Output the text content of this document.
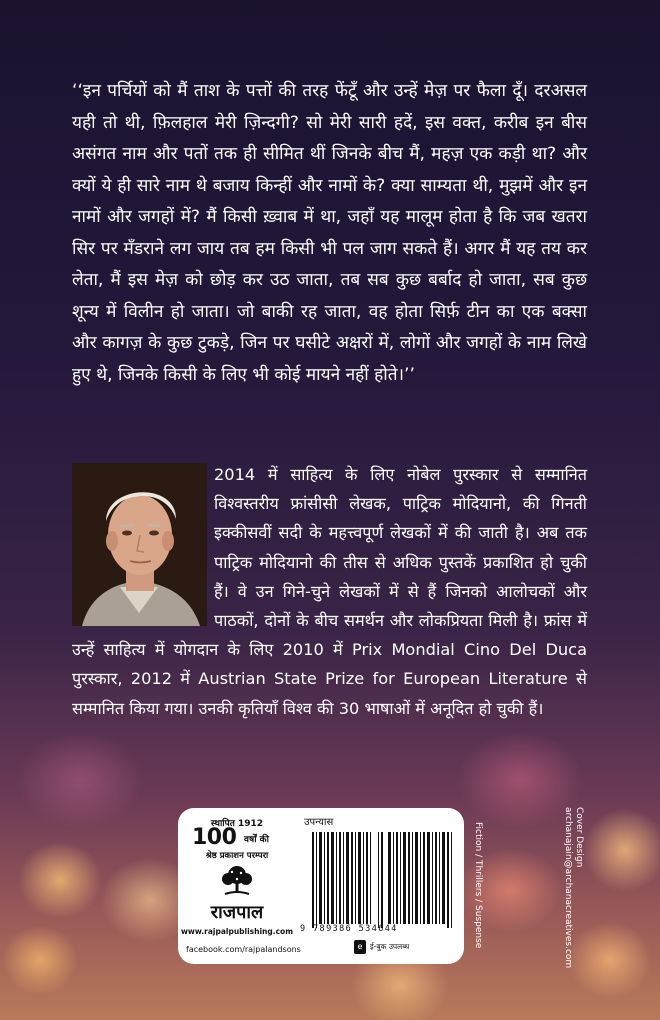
‘‘इन पर्चियों को मैं ताश के पत्तों की तरह फेंटूँ और उन्हें मेज़ पर फैला दूँ। दरअसल यही तो थी, फ़िलहाल मेरी ज़िन्दगी? सो मेरी सारी हदें, इस वक्त, करीब इन बीस असंगत नाम और पतों तक ही सीमित थीं जिनके बीच मैं, महज़ एक कड़ी था? और क्यों ये ही सारे नाम थे बजाय किन्हीं और नामों के? क्या साम्यता थी, मुझमें और इन नामों और जगहों में? मैं किसी ख़्वाब में था, जहाँ यह मालूम होता है कि जब खतरा सिर पर मँडराने लग जाय तब हम किसी भी पल जाग सकते हैं। अगर मैं यह तय कर लेता, मैं इस मेज़ को छोड़ कर उठ जाता, तब सब कुछ बर्बाद हो जाता, सब कुछ शून्य में विलीन हो जाता। जो बाकी रह जाता, वह होता सिर्फ़ टीन का एक बक्सा और कागज़ के कुछ टुकड़े, जिन पर घसीटे अक्षरों में, लोगों और जगहों के नाम लिखे हुए थे, जिनके किसी के लिए भी कोई मायने नहीं होते।’’

2014 में साहित्य के लिए नोबेल पुरस्कार से सम्मानित विश्वस्तरीय फ्रांसीसी लेखक, पाट्रिक मोदियानो, की गिनती इक्कीसवीं सदी के महत्त्वपूर्ण लेखकों में की जाती है। अब तक पाट्रिक मोदियानो की तीस से अधिक पुस्तकें प्रकाशित हो चुकी हैं। वे उन गिने-चुने लेखकों में से हैं जिनको आलोचकों और पाठकों, दोनों के बीच समर्थन और लोकप्रियता मिली है। फ्रांस में उन्हें साहित्य में योगदान के लिए 2010 में Prix Mondial Cino Del Duca पुरस्कार, 2012 में Austrian State Prize for European Literature से सम्मानित किया गया। उनकी कृतियाँ विश्व की 30 भाषाओं में अनूदित हो चुकी हैं।

Cover Design
archanajain@archanacreatives.com
Fiction / Thrillers / Suspense
स्थापित 1912
100 वर्षों की
श्रेष्ठ प्रकाशन परम्परा
राजपाल
www.rajpalpublishing.com
facebook.com/rajpalandsons
उपन्यास
9 789386 534644
e	ई-बुक उपलब्ध
